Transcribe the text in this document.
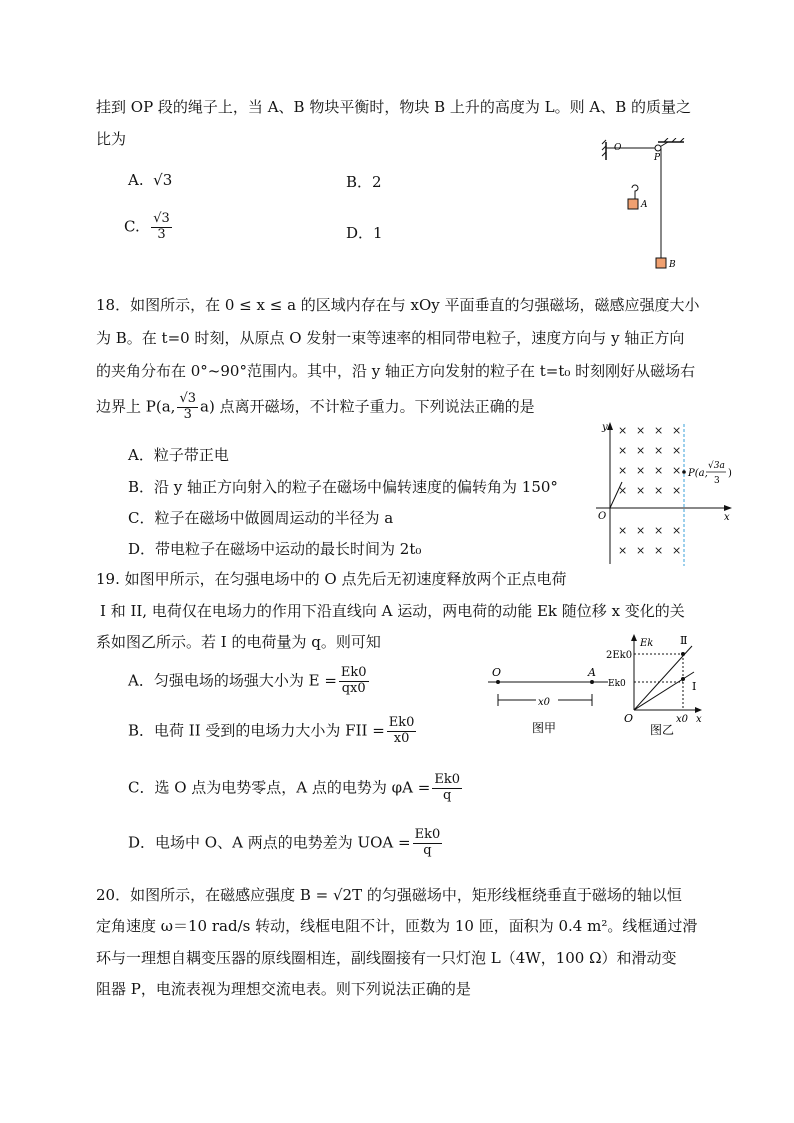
挂到 OP 段的绳子上，当 A、B 物块平衡时，物块 B 上升的高度为 L。则 A、B 的质量之
比为
A. √3	B．2
C. $\frac{√3}{3}$	D．1
O
P
A
B
18．如图所示，在 0 ≤ x ≤ a 的区域内存在与 xOy 平面垂直的匀强磁场，磁感应强度大小
为 B。在 t=0 时刻，从原点 O 发射一束等速率的相同带电粒子，速度方向与 y 轴正方向
的夹角分布在 0°~90°范围内。其中，沿 y 轴正方向发射的粒子在 t=t₀ 时刻刚好从磁场右
边界上 P(a, $\frac{√3}{3} a$) 点离开磁场，不计粒子重力。下列说法正确的是
A．粒子带正电
B．沿 y 轴正方向射入的粒子在磁场中偏转速度的偏转角为 150°
C．粒子在磁场中做圆周运动的半径为 a
D．带电粒子在磁场中运动的最长时间为 2t₀
× × × ×
× × × ×
× × × ×
× × × ×
× × × ×
× × × ×
y
x
O
P(a,
√3a
3
)
19. 如图甲所示，在匀强电场中的 O 点先后无初速度释放两个正点电荷
I 和 II, 电荷仅在电场力的作用下沿直线向 A 运动，两电荷的动能 Ek 随位移 x 变化的关
系如图乙所示。若 I 的电荷量为 q。则可知
A．匀强电场的场强大小为 $E = \frac{Ek0}{qx0}$
B．电荷 II 受到的电场力大小为 FII = $\frac{Ek0}{x0}$
C．选 O 点为电势零点，A 点的电势为 $\varphi A = \frac{Ek0}{q}$
D．电场中 O、A 两点的电势差为 UOA = $\frac{Ek0}{q}$
O	A
x0
图甲
Ek Ⅱ
Ⅰ
2Ek0
Ek0
O	x0 x
图乙
20．如图所示，在磁感应强度 B = √2T 的匀强磁场中，矩形线框绕垂直于磁场的轴以恒
定角速度 ω＝10 rad/s 转动，线框电阻不计，匝数为 10 匝，面积为 0.4 m²。线框通过滑
环与一理想自耦变压器的原线圈相连，副线圈接有一只灯泡 L（4W，100 Ω）和滑动变
阻器 P，电流表视为理想交流电表。则下列说法正确的是
